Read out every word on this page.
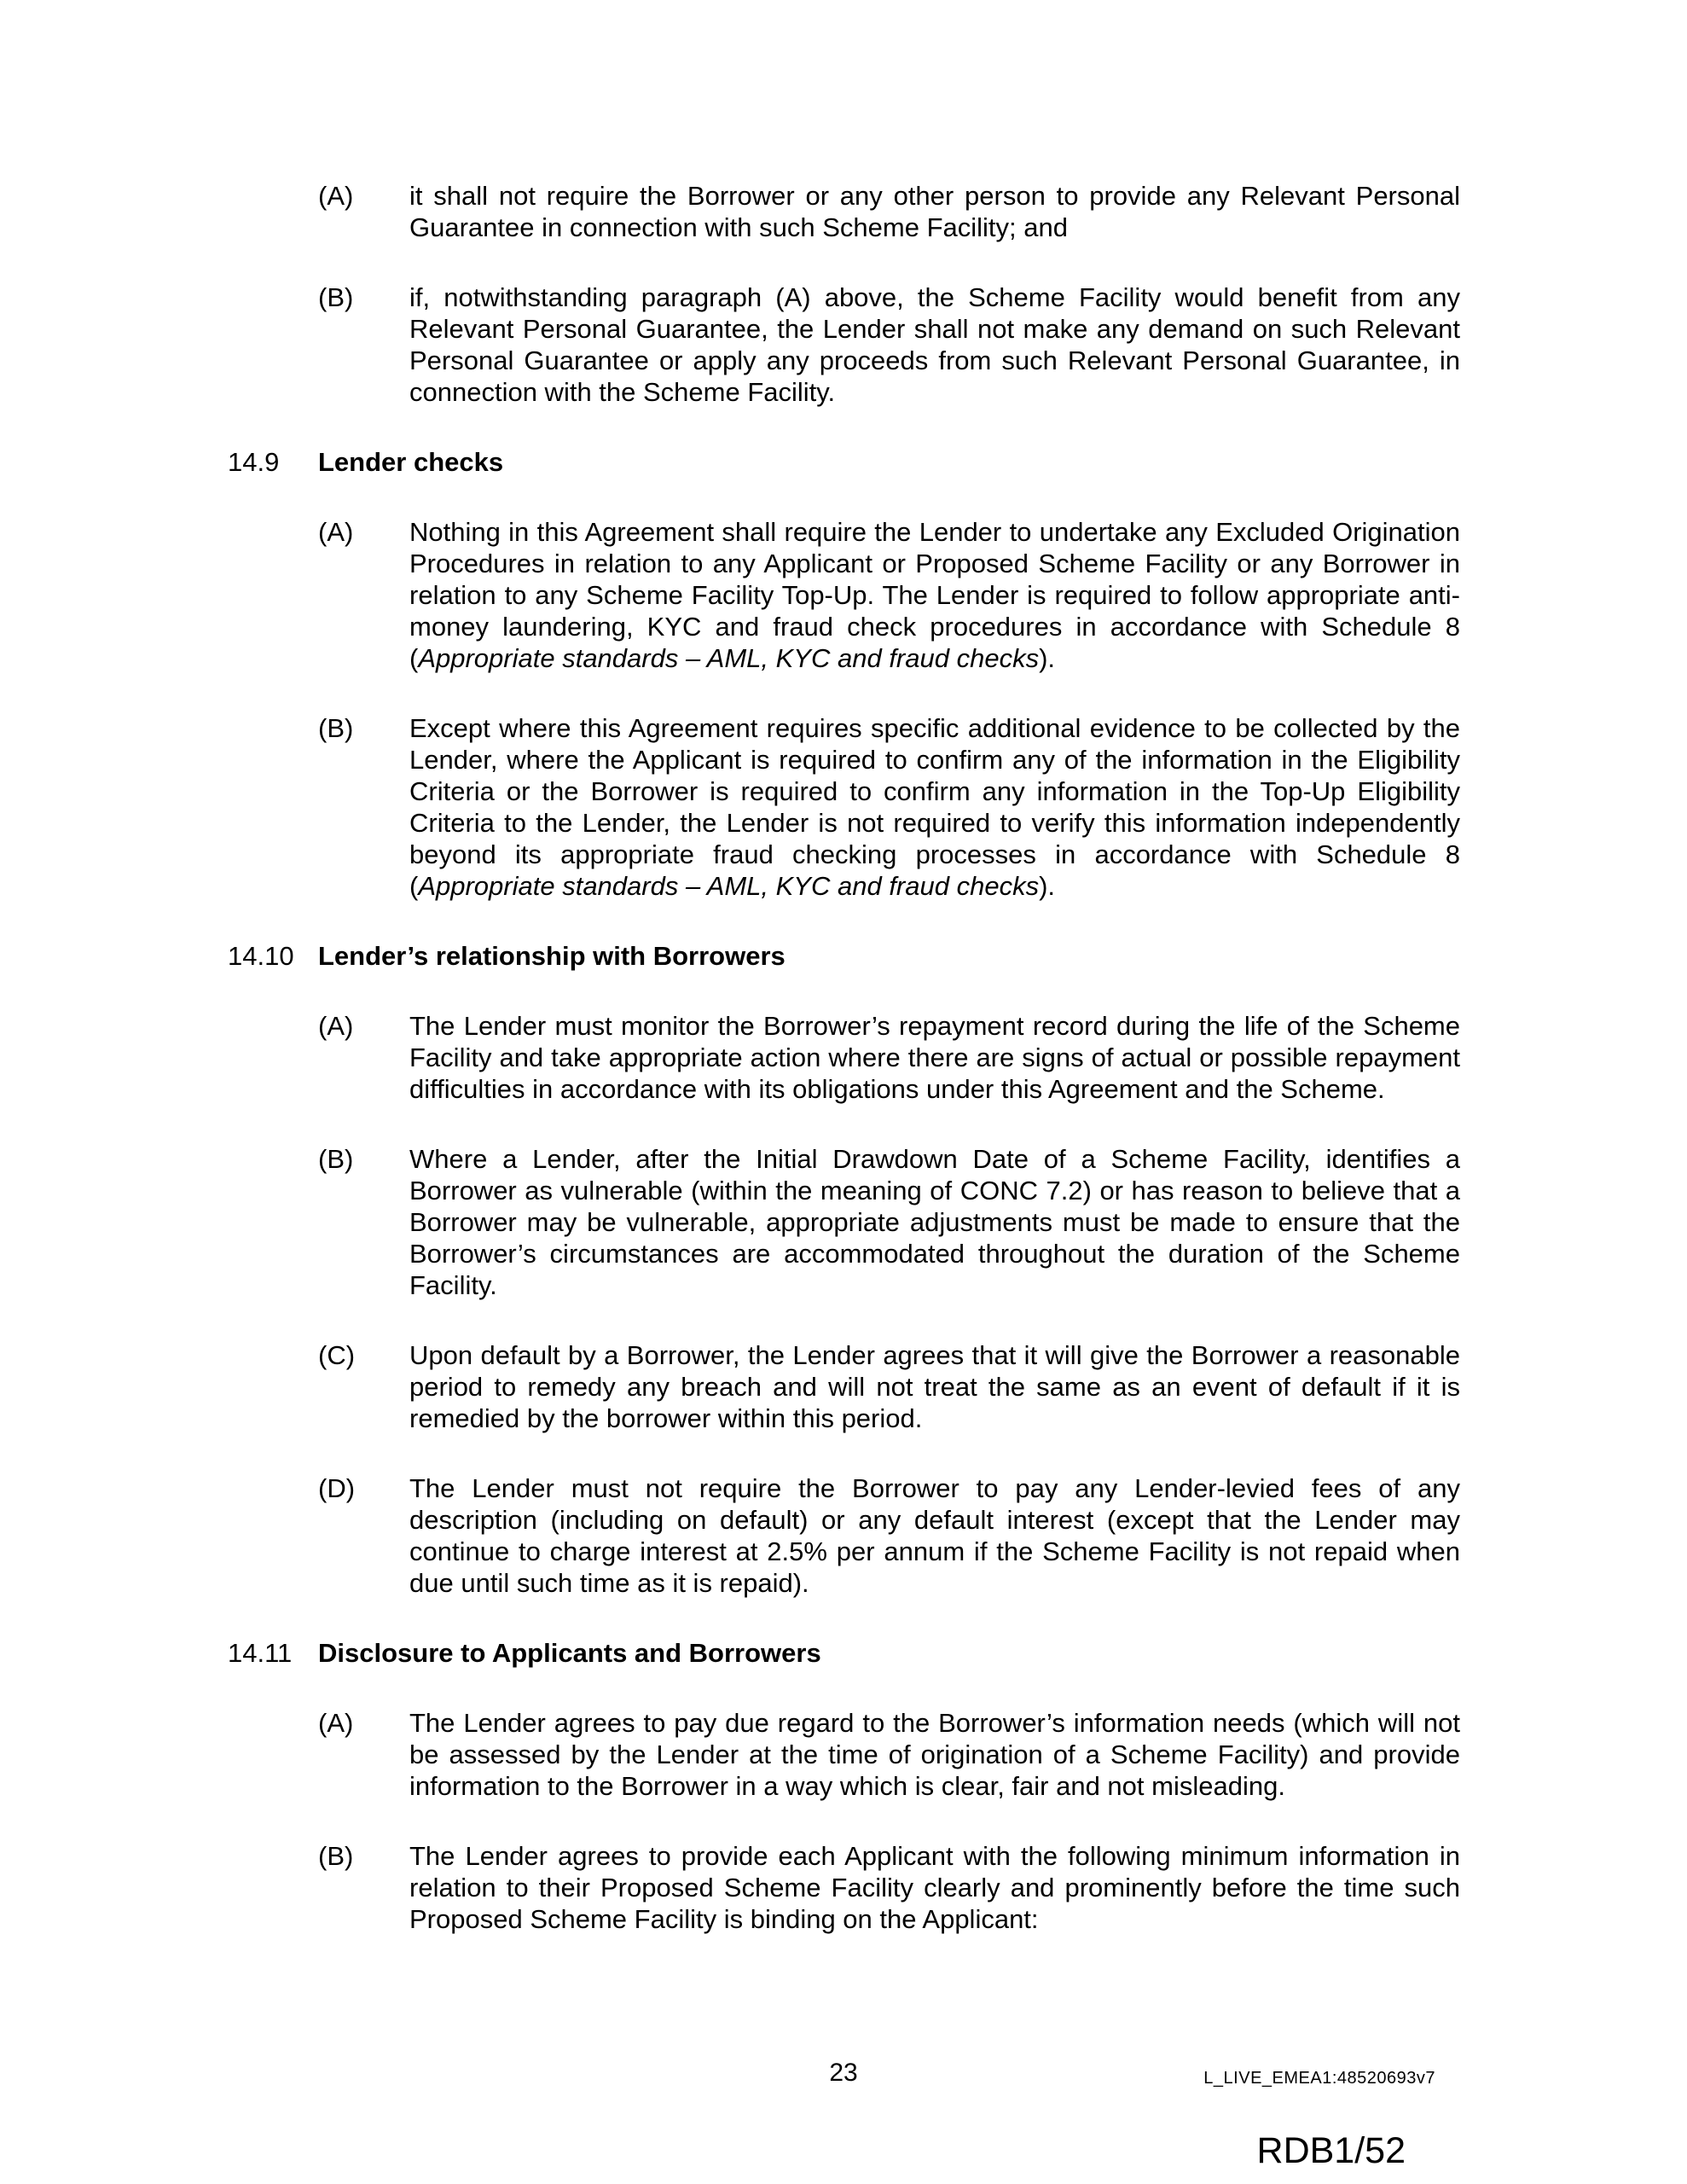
(A)	it shall not require the Borrower or any other person to provide any Relevant Personal Guarantee in connection with such Scheme Facility; and
(B)	if, notwithstanding paragraph (A) above, the Scheme Facility would benefit from any Relevant Personal Guarantee, the Lender shall not make any demand on such Relevant Personal Guarantee or apply any proceeds from such Relevant Personal Guarantee, in connection with the Scheme Facility.
14.9	Lender checks
(A)	Nothing in this Agreement shall require the Lender to undertake any Excluded Origination Procedures in relation to any Applicant or Proposed Scheme Facility or any Borrower in relation to any Scheme Facility Top-Up. The Lender is required to follow appropriate anti-money laundering, KYC and fraud check procedures in accordance with Schedule 8 (Appropriate standards – AML, KYC and fraud checks).
(B)	Except where this Agreement requires specific additional evidence to be collected by the Lender, where the Applicant is required to confirm any of the information in the Eligibility Criteria or the Borrower is required to confirm any information in the Top-Up Eligibility Criteria to the Lender, the Lender is not required to verify this information independently beyond its appropriate fraud checking processes in accordance with Schedule 8 (Appropriate standards – AML, KYC and fraud checks).
14.10 Lender’s relationship with Borrowers
(A)	The Lender must monitor the Borrower’s repayment record during the life of the Scheme Facility and take appropriate action where there are signs of actual or possible repayment difficulties in accordance with its obligations under this Agreement and the Scheme.
(B)	Where a Lender, after the Initial Drawdown Date of a Scheme Facility, identifies a Borrower as vulnerable (within the meaning of CONC 7.2) or has reason to believe that a Borrower may be vulnerable, appropriate adjustments must be made to ensure that the Borrower’s circumstances are accommodated throughout the duration of the Scheme Facility.
(C)	Upon default by a Borrower, the Lender agrees that it will give the Borrower a reasonable period to remedy any breach and will not treat the same as an event of default if it is remedied by the borrower within this period.
(D)	The Lender must not require the Borrower to pay any Lender-levied fees of any description (including on default) or any default interest (except that the Lender may continue to charge interest at 2.5% per annum if the Scheme Facility is not repaid when due until such time as it is repaid).
14.11 Disclosure to Applicants and Borrowers
(A)	The Lender agrees to pay due regard to the Borrower’s information needs (which will not be assessed by the Lender at the time of origination of a Scheme Facility) and provide information to the Borrower in a way which is clear, fair and not misleading.
(B)	The Lender agrees to provide each Applicant with the following minimum information in relation to their Proposed Scheme Facility clearly and prominently before the time such Proposed Scheme Facility is binding on the Applicant:
23	L_LIVE_EMEA1:48520693v7
RDB1/52
